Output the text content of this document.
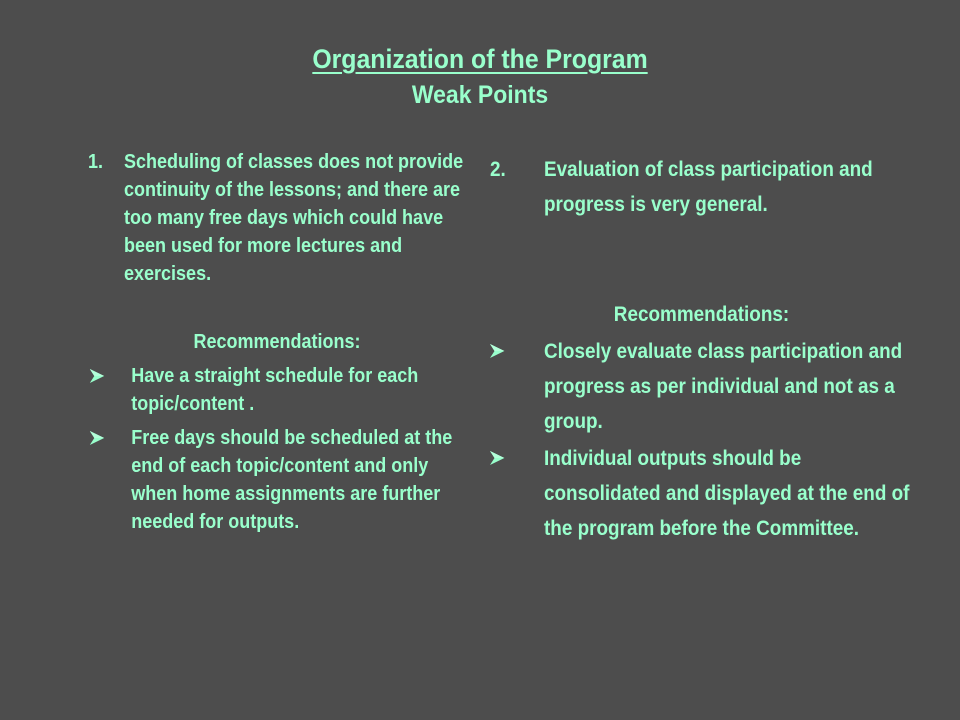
Organization of the Program
Weak Points
1.	Scheduling of classes does not provide continuity of the lessons; and there are too many free days which could have been used for more lectures and exercises.
Recommendations:
Have a straight schedule for each topic/content .
Free days should be scheduled at the end of each topic/content and only when home assignments are further needed for outputs.
2.	Evaluation of class participation and progress is very general.
Recommendations:
Closely evaluate class participation and progress as per individual and not as a group.
Individual outputs should be consolidated and displayed at the end of the program before the Committee.
